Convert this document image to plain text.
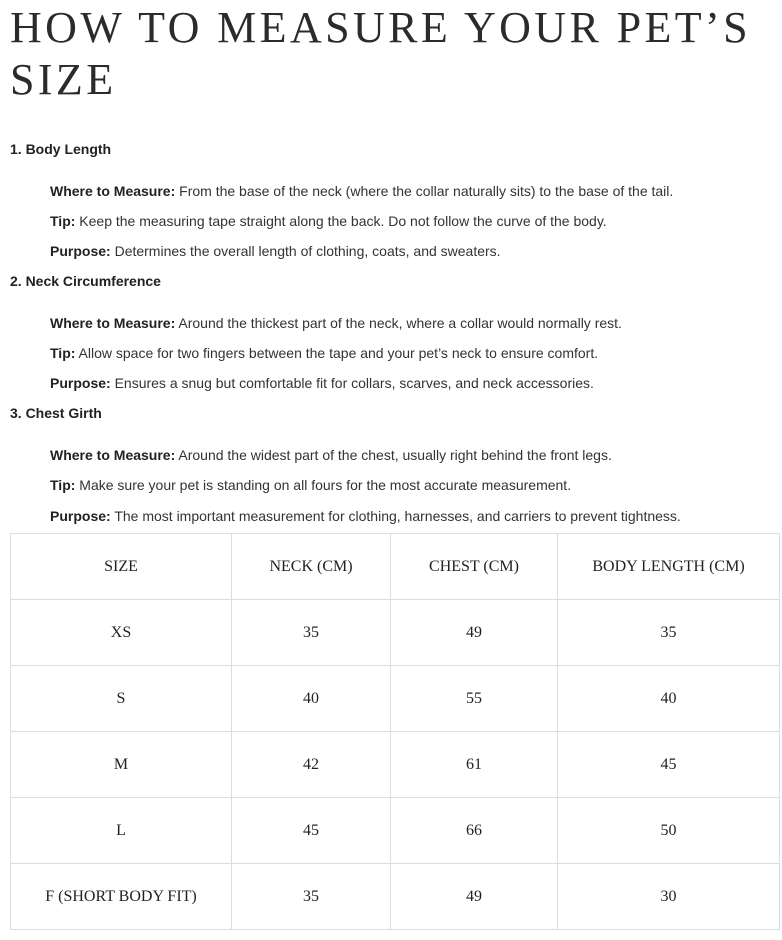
HOW TO MEASURE YOUR PET’S SIZE

1. Body Length

Where to Measure: From the base of the neck (where the collar naturally sits) to the base of the tail.

Tip: Keep the measuring tape straight along the back. Do not follow the curve of the body.

Purpose: Determines the overall length of clothing, coats, and sweaters.

2. Neck Circumference

Where to Measure: Around the thickest part of the neck, where a collar would normally rest.

Tip: Allow space for two fingers between the tape and your pet’s neck to ensure comfort.

Purpose: Ensures a snug but comfortable fit for collars, scarves, and neck accessories.

3. Chest Girth

Where to Measure: Around the widest part of the chest, usually right behind the front legs.

Tip: Make sure your pet is standing on all fours for the most accurate measurement.

Purpose: The most important measurement for clothing, harnesses, and carriers to prevent tightness.

SIZE	NECK (CM)	CHEST (CM)	BODY LENGTH (CM)
XS	35	49	35
S	40	55	40
M	42	61	45
L	45	66	50
F (SHORT BODY FIT)	35	49	30
